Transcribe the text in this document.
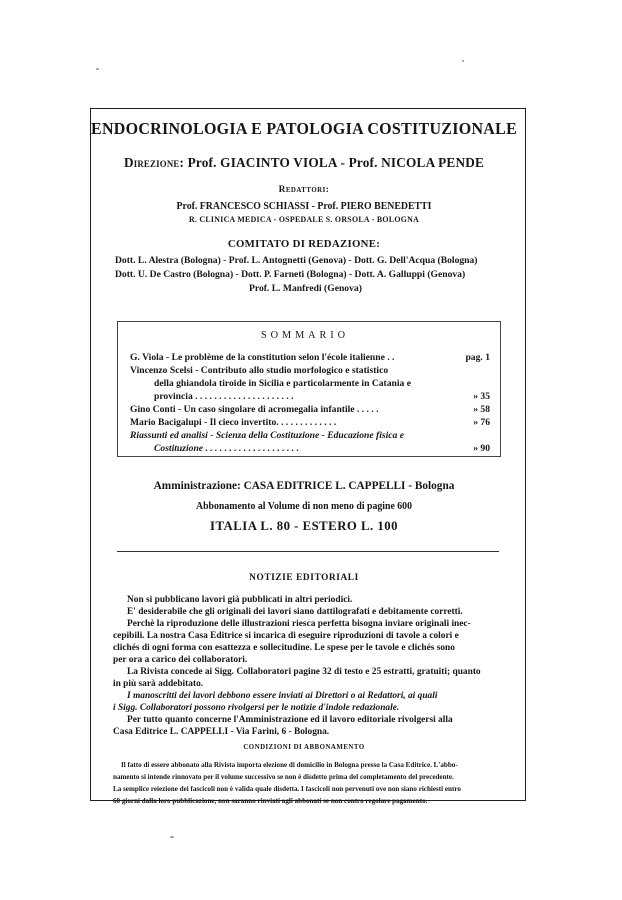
ENDOCRINOLOGIA E PATOLOGIA COSTITUZIONALE

Direzione: Prof. GIACINTO VIOLA - Prof. NICOLA PENDE

Redattori:

Prof. FRANCESCO SCHIASSI - Prof. PIERO BENEDETTI

R. CLINICA MEDICA - OSPEDALE S. ORSOLA - BOLOGNA

COMITATO DI REDAZIONE:

Dott. L. Alestra (Bologna) - Prof. L. Antognetti (Genova) - Dott. G. Dell'Acqua (Bologna)

Dott. U. De Castro (Bologna) - Dott. P. Farneti (Bologna) - Dott. A. Galluppi (Genova)

Prof. L. Manfredi (Genova)

SOMMARIO

G. Viola - Le problème de la constitution selon l'école italienne . .	pag. 1

Vincenzo Scelsi - Contributo allo studio morfologico e statistico

della ghiandola tiroide in Sicilia e particolarmente in Catania e

provincia . . . . . . . . . . . . . . . . . . . . .	» 35

Gino Conti - Un caso singolare di acromegalia infantile . . . . .	» 58

Mario Bacigalupi - Il cieco invertito. . . . . . . . . . . . .	» 76

Riassunti ed analisi - Scienza della Costituzione - Educazione fisica e

Costituzione . . . . . . . . . . . . . . . . . . . .	» 90

Amministrazione: CASA EDITRICE L. CAPPELLI - Bologna

Abbonamento al Volume di non meno di pagine 600

ITALIA L. 80 - ESTERO L. 100

NOTIZIE EDITORIALI

Non si pubblicano lavori già pubblicati in altri periodici.

E' desiderabile che gli originali dei lavori siano dattilografati e debitamente corretti.

Perchè la riproduzione delle illustrazioni riesca perfetta bisogna inviare originali inec-

cepibili. La nostra Casa Editrice si incarica di eseguire riproduzioni di tavole a colori e

clichés di ogni forma con esattezza e sollecitudine. Le spese per le tavole e clichés sono

per ora a carico dei collaboratori.

La Rivista concede ai Sigg. Collaboratori pagine 32 di testo e 25 estratti, gratuiti; quanto

in più sarà addebitato.

I manoscritti dei lavori debbono essere inviati ai Direttori o ai Redattori, ai quali

i Sigg. Collaboratori possono rivolgersi per le notizie d'indole redazionale.

Per tutto quanto concerne l'Amministrazione ed il lavoro editoriale rivolgersi alla

Casa Editrice L. CAPPELLI - Via Farini, 6 - Bologna.

CONDIZIONI DI ABBONAMENTO

Il fatto di essere abbonato alla Rivista importa elezione di domicilio in Bologna presso la Casa Editrice. L'abbo-

namento si intende rinnovato per il volume successivo se non è disdetto prima del completamento del precedente.

La semplice reiezione dei fascicoli non è valida quale disdetta. I fascicoli non pervenuti ove non siano richiesti entro

60 giorni dalla loro pubblicazione, non saranno rinviati agli abbonati se non contro regolare pagamento.
